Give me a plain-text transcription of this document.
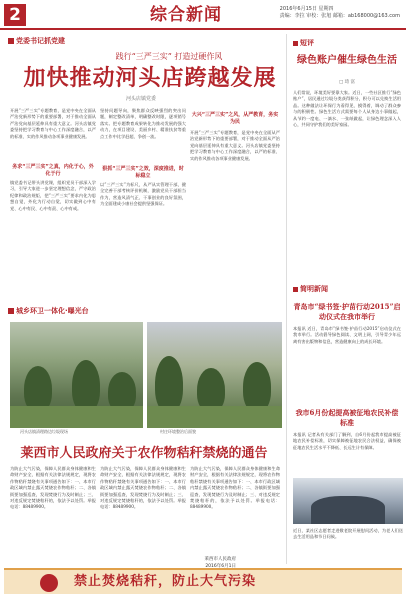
2	综合新闻	2016年6月15日 星期四
责编：李拉 审校：张旭 邮箱：ab168000@163.com
党委书记抓党建
践行“三严三实” 打造过硬作风
加快推动河头店跨越发展
河头店镇党委
开展“三严三实”专题教育，是党中央在全面从严治党新形势下的重要部署，对于推动全面从严治党向基层延伸具有重大意义。河头店镇党委坚持把学习教育与中心工作深度融合，以严的标准、实的作风推动各项事业健康发展。
务求“三严三实”之真，内化于心，外化于行
镇党委书记带头讲党课，组织党员干部深入学习，引导大家进一步坚定理想信念，严守政治纪律和政治规矩，把“三严三实”要求内化为思想自觉，外化为行动自觉，切实做到心中有党、心中有民、心中有责、心中有戒。
坚持问题导向，聚焦群众反映强烈的突出问题，制定整改清单，明确整改时限，逐项销号落实。把专题教育成果转化为推动发展的强大动力，在项目建设、美丽乡村、精准扶贫等重点工作中比学赶超、争创一流。
狠抓“三严三实”之效，深度推进，时标稳立
以“三严三实”为标尺，从严从实管理干部，健全完善干部考核评价机制，激励党员干部担当作为，营造风清气正、干事创业的良好氛围，为全面建成小康社会提供坚强保证。
大兴“三严三实”之风，从严教育，务实为民
开展“三严三实”专题教育，是党中央在全面从严治党新形势下的重要部署，对于推动全面从严治党向基层延伸具有重大意义。河头店镇党委坚持把学习教育与中心工作深度融合，以严的标准、实的作风推动各项事业健康发展。
城乡环卫一体化·曝光台
河头店镇清理路边垃圾现场	村庄环境整治后面貌
莱西市人民政府关于农作物秸秆禁烧的通告
为防止大气污染，保障人民群众身体健康和生命财产安全，根据有关法律法规规定，现将农作物秸秆禁烧有关事项通告如下：一、本市行政区域内禁止露天焚烧农作物秸秆；二、各镇街要加强巡查，发现焚烧行为及时制止；三、对违反规定焚烧秸秆的，依法予以处罚。举报电话：88489900。
为防止大气污染，保障人民群众身体健康和生命财产安全，根据有关法律法规规定，现将农作物秸秆禁烧有关事项通告如下：一、本市行政区域内禁止露天焚烧农作物秸秆；二、各镇街要加强巡查，发现焚烧行为及时制止；三、对违反规定焚烧秸秆的，依法予以处罚。举报电话：88489900。
为防止大气污染，保障人民群众身体健康和生命财产安全，根据有关法律法规规定，现将农作物秸秆禁烧有关事项通告如下：一、本市行政区域内禁止露天焚烧农作物秸秆；二、各镇街要加强巡查，发现焚烧行为及时制止；三、对违反规定焚烧秸秆的，依法予以处罚。举报电话：88489900。
莱西市人民政府
2016年6月1日
禁止焚烧秸秆，防止大气污染
短评
绿色账户催生绿色生活
□ 琦 富
人们常说，环境美好要靠大家。近日，一些社区推行“绿色账户”，居民通过垃圾分类获得积分，积分可以兑换生活用品。这种做法让环保行为看得见、摸得着，调动了群众参与的积极性。绿色生活方式需要每个人从身边小事做起，从节约一度电、一滴水、一张纸做起，让绿色理念深入人心，共同守护我们的美好家园。
简明新闻
青岛市“绿书签·护苗行动2015”启动仪式在我市举行
本报讯 近日，青岛市“绿书签·护苗行动2015”启动仪式在我市举行。活动倡导绿色阅读、文明上网，引导青少年远离有害出版物和信息，营造健康向上的成长环境。
我市6月份起提高被征地农民补偿标准
本报讯 记者从有关部门了解到，自6月份起我市提高被征地农民补偿标准，切实保障被征地农民合法权益，确保被征地农民生活水平不降低、长远生计有保障。
近日，某社区志愿者走进敬老院开展慰问活动，为老人们送去生活用品和节日问候。
